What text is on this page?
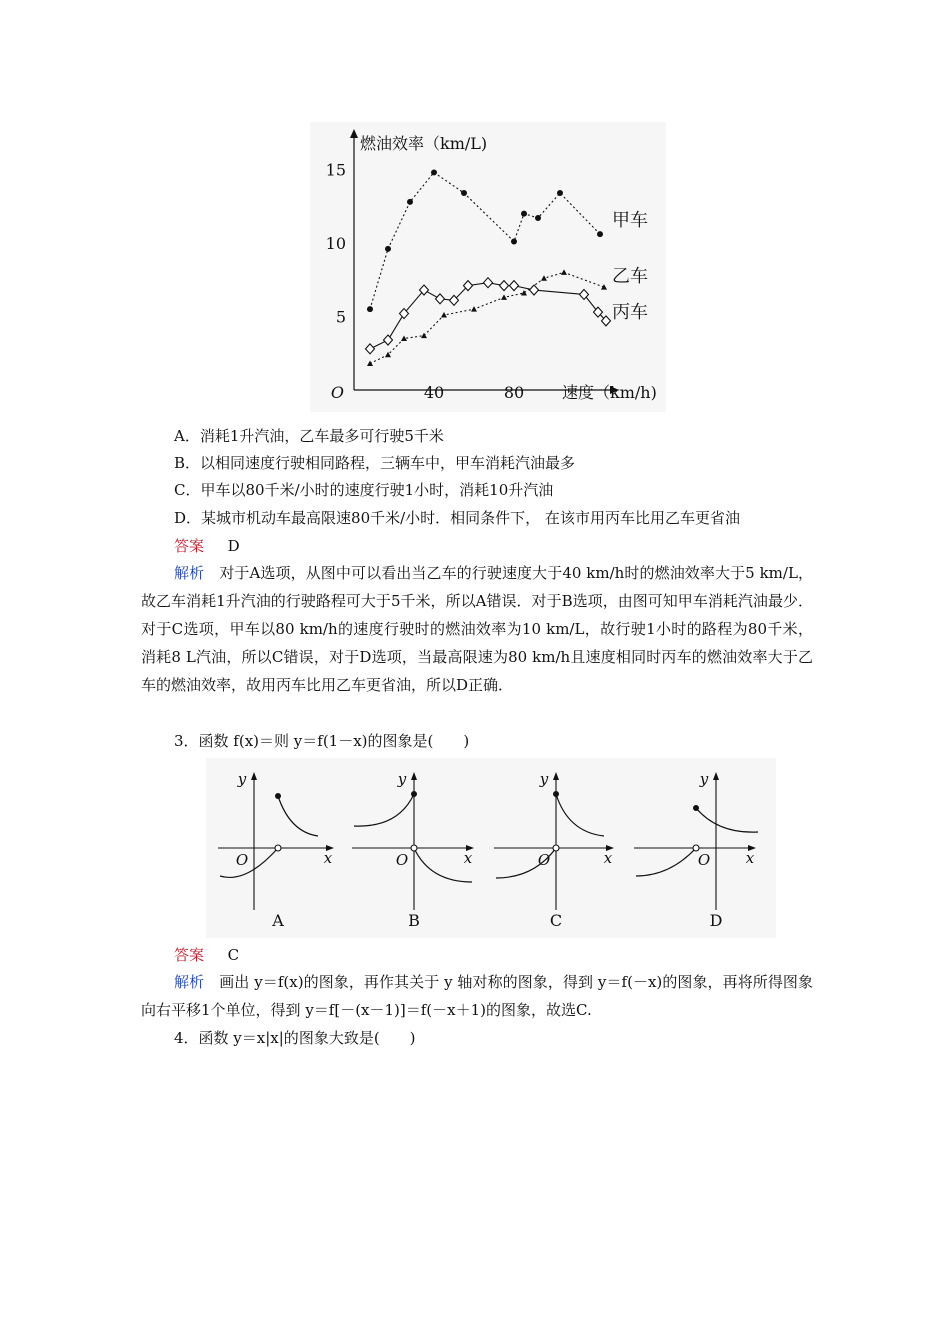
燃油效率（km/L)
速度（km/h)
O
15
10
5
40	80
甲车
乙车
丙车
A．消耗1升汽油，乙车最多可行驶5千米
B．以相同速度行驶相同路程，三辆车中，甲车消耗汽油最多
C．甲车以80千米/小时的速度行驶1小时，消耗10升汽油
D．某城市机动车最高限速80千米/小时．相同条件下， 在该市用丙车比用乙车更省油
答案 D
解析　 对于A选项，从图中可以看出当乙车的行驶速度大于40 km/h时的燃油效率大于5 km/L，故乙车消耗1升汽油的行驶路程可大于5千米，所以A错误．对于B选项，由图可知甲车消耗汽油最少．对于C选项，甲车以80 km/h的速度行驶时的燃油效率为10 km/L，故行驶1小时的路程为80千米，消耗8 L汽油，所以C错误，对于D选项，当最高限速为80 km/h且速度相同时丙车的燃油效率大于乙车的燃油效率，故用丙车比用乙车更省油，所以D正确．
3．函数 f(x)＝则 y＝f(1－x)的图象是(　　)
y
x
O
A
y
x
O
B
y
x
O
C
y
x
O
D
答案 C
解析　 画出 y＝f(x)的图象，再作其关于 y 轴对称的图象，得到 y＝f(－x)的图象，再将所得图象向右平移1个单位，得到 y＝f[－(x－1)]＝f(－x＋1)的图象，故选C.
4．函数 y＝x|x|的图象大致是(　　)
